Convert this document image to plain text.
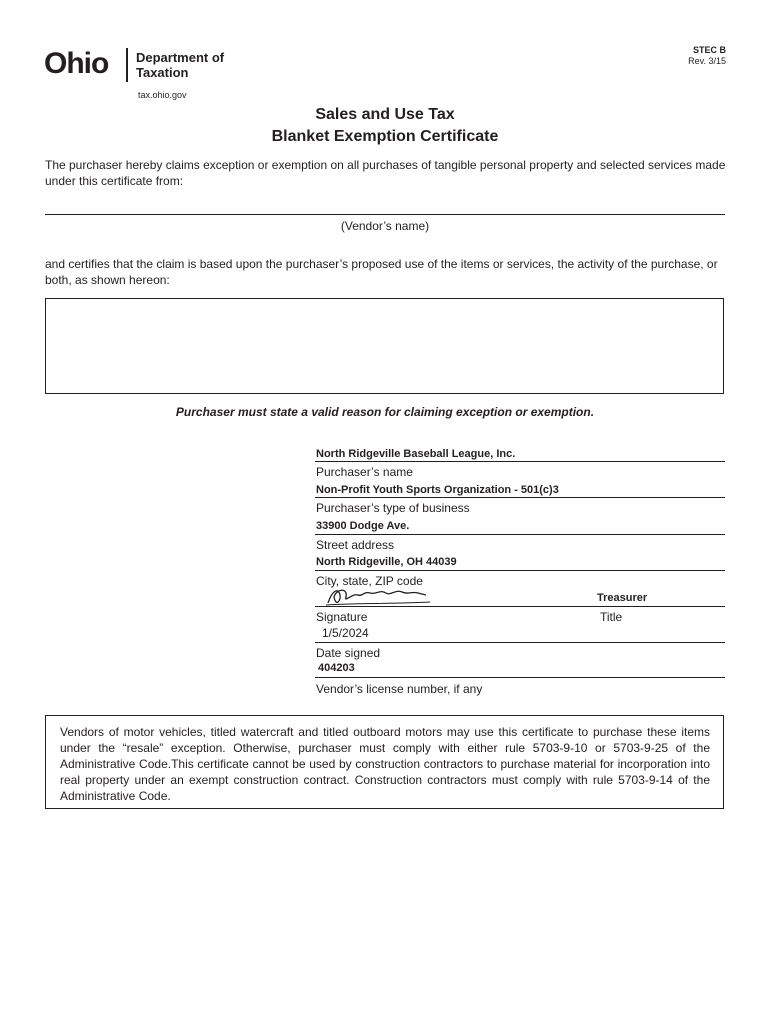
Ohio Department of
Taxation
tax.ohio.gov
STEC B
Rev. 3/15
Sales and Use Tax
Blanket Exemption Certificate
The purchaser hereby claims exception or exemption on all purchases of tangible personal property and selected services made under this certificate from:
(Vendor’s name)
and certifies that the claim is based upon the purchaser’s proposed use of the items or services, the activity of the purchase, or both, as shown hereon:
Purchaser must state a valid reason for claiming exception or exemption.
North Ridgeville Baseball League, Inc.
Purchaser’s name
Non-Profit Youth Sports Organization - 501(c)3
Purchaser’s type of business
33900 Dodge Ave.
Street address
North Ridgeville, OH 44039
City, state, ZIP code
Treasurer
Signature	Title
1/5/2024
Date signed
404203
Vendor’s license number, if any

Vendors of motor vehicles, titled watercraft and titled outboard motors may use this certificate to purchase these items under the “resale” exception. Otherwise, purchaser must comply with either rule 5703-9-10 or 5703-9-25 of the Administrative Code.This certificate cannot be used by construction contractors to purchase material for incorporation into real property under an exempt construction contract. Construction contractors must comply with rule 5703-9-14 of the Administrative Code.
